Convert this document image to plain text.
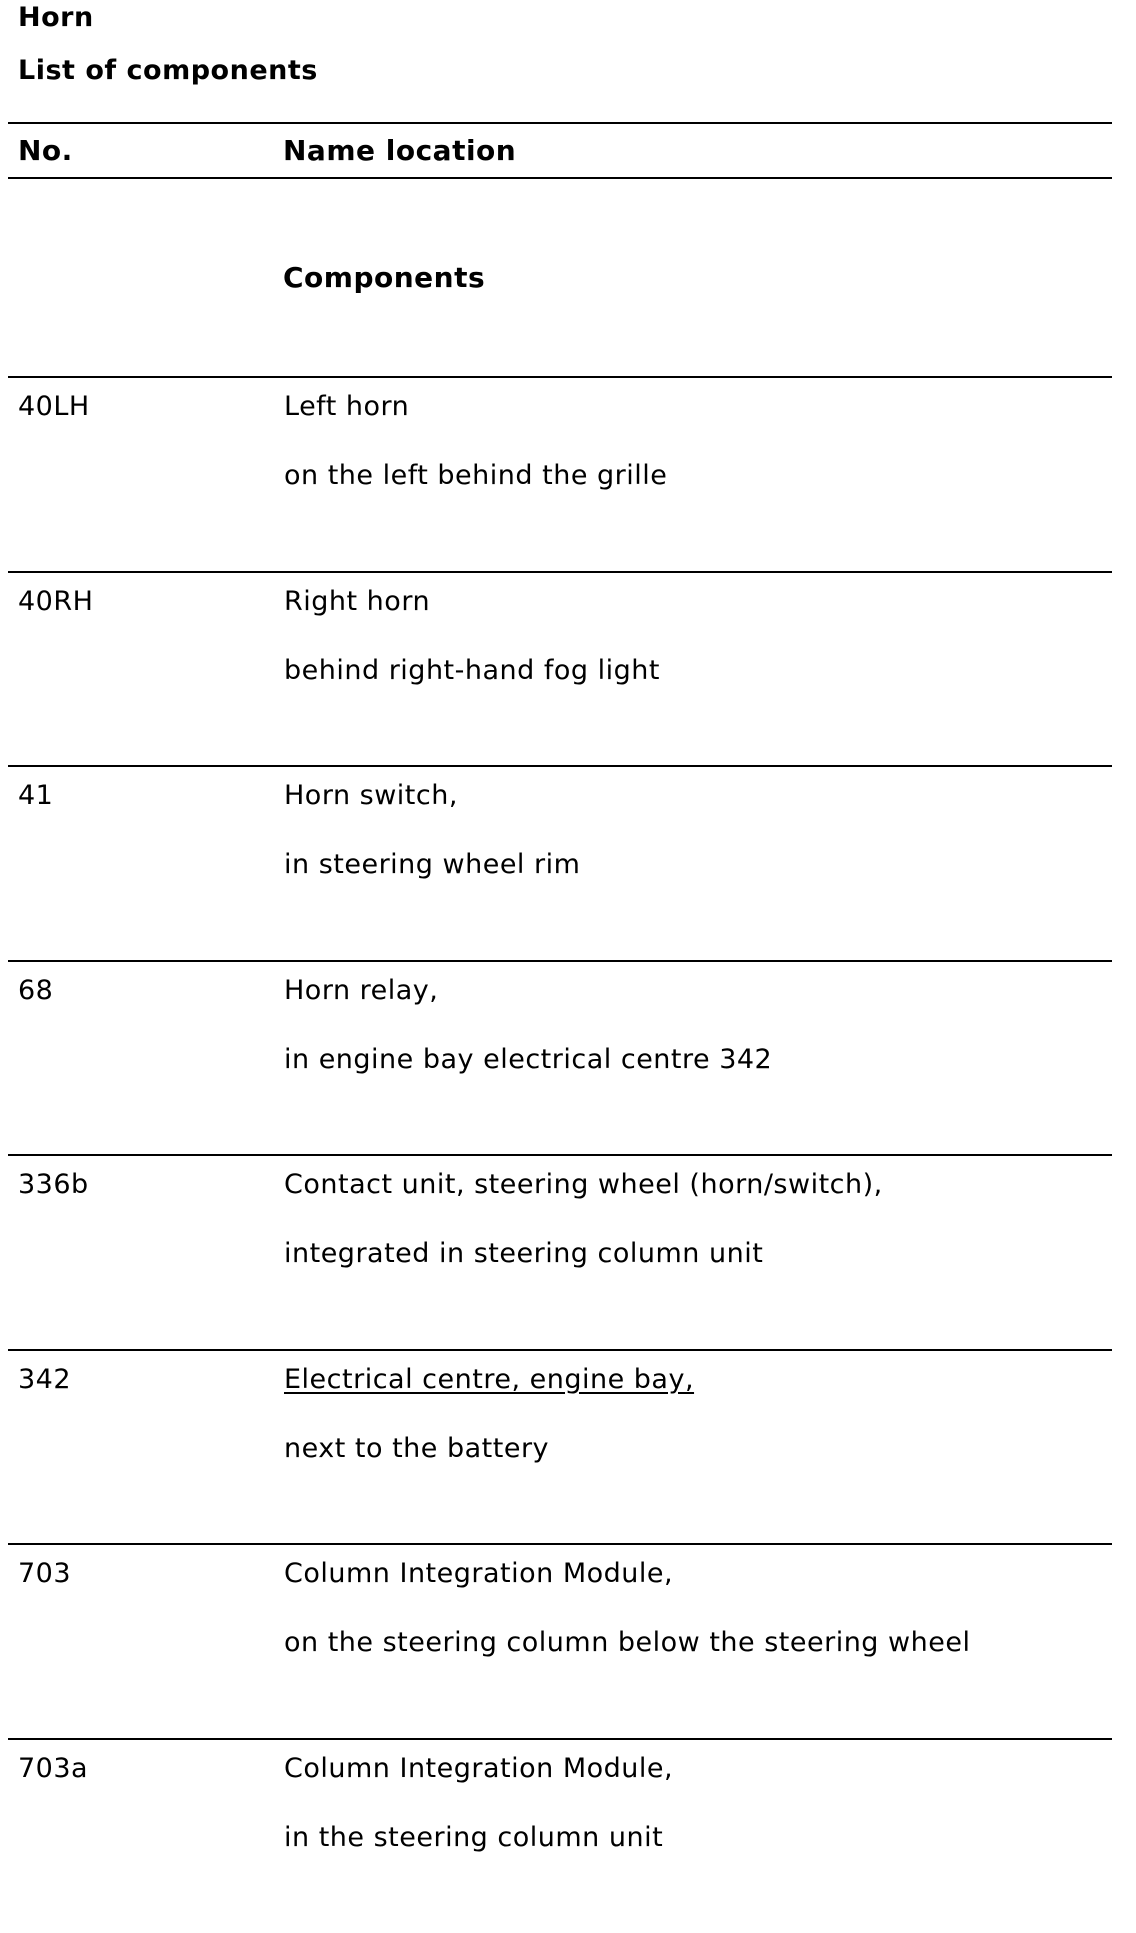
Horn
List of components
No.	Name location
Components
40LH	Left horn
on the left behind the grille
40RH	Right horn
behind right-hand fog light
41	Horn switch,
in steering wheel rim
68	Horn relay,
in engine bay electrical centre 342
336b	Contact unit, steering wheel (horn/switch),
integrated in steering column unit
342	Electrical centre, engine bay,
next to the battery
703	Column Integration Module,
on the steering column below the steering wheel
703a	Column Integration Module,
in the steering column unit
